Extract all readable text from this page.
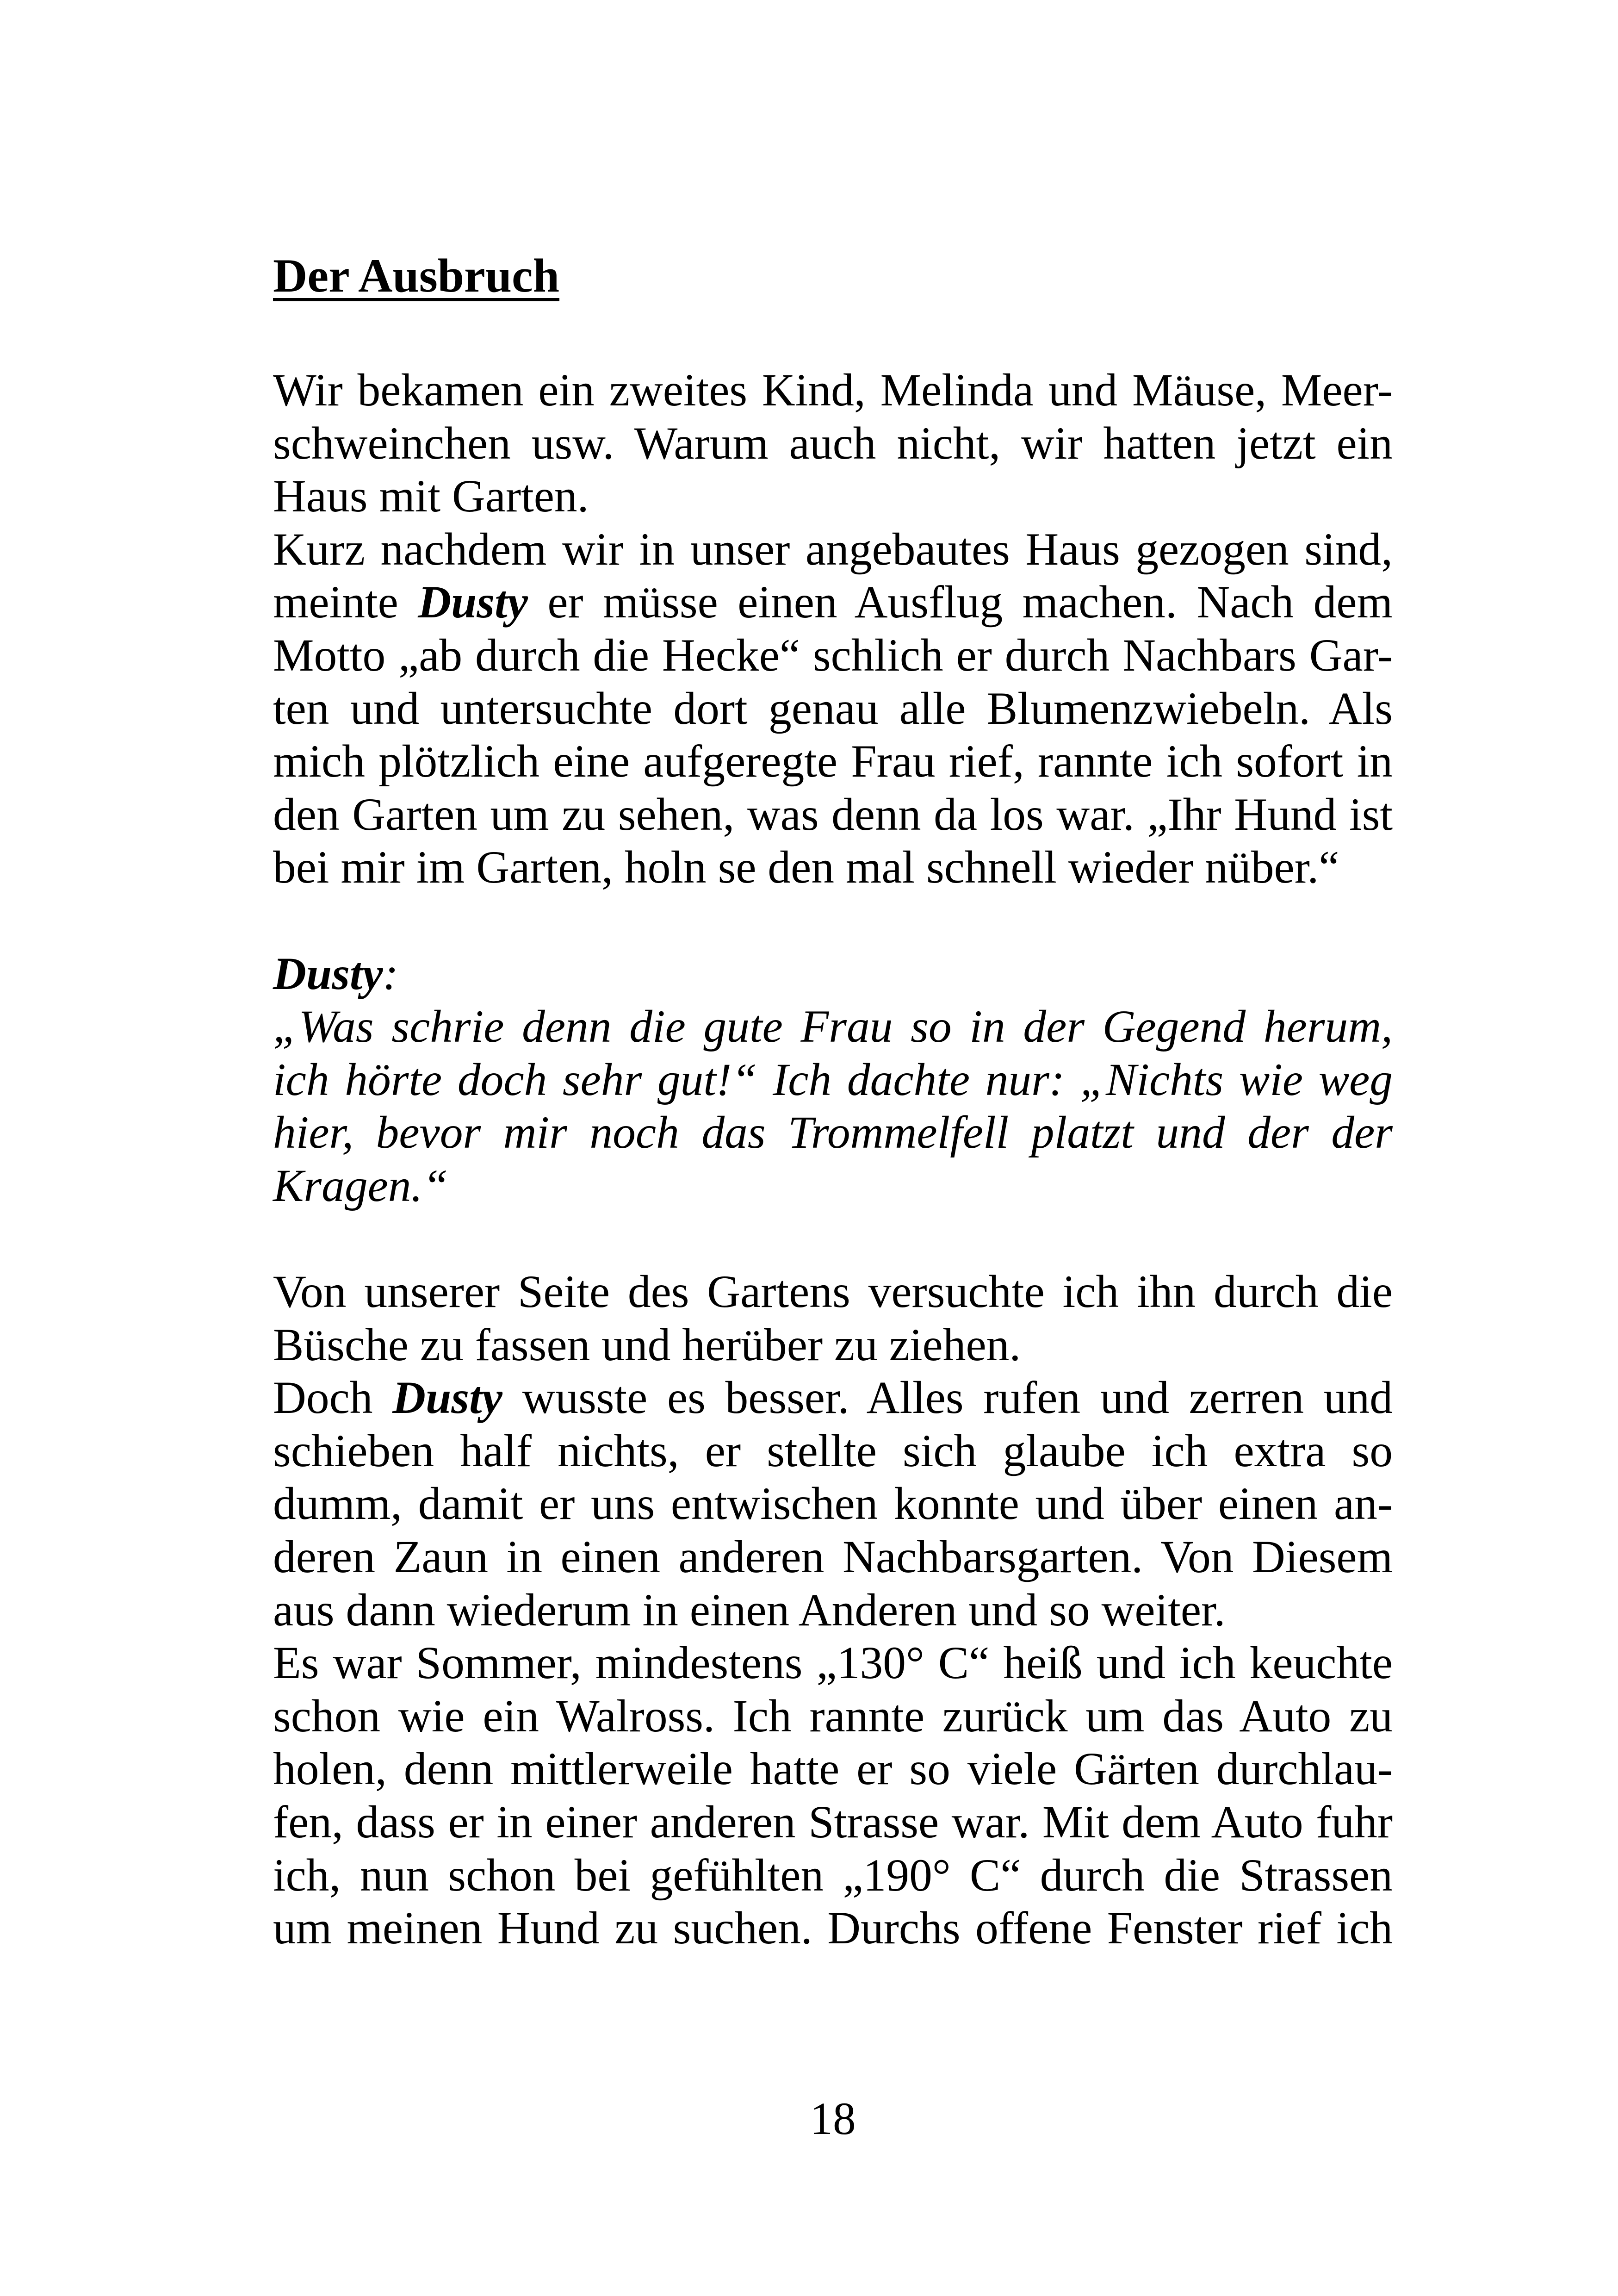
Der Ausbruch
Wir bekamen ein zweites Kind, Melinda und Mäuse, Meer-
schweinchen usw. Warum auch nicht, wir hatten jetzt ein
Haus mit Garten.
Kurz nachdem wir in unser angebautes Haus gezogen sind,
meinte Dusty er müsse einen Ausflug machen. Nach dem
Motto „ab durch die Hecke“ schlich er durch Nachbars Gar-
ten und untersuchte dort genau alle Blumenzwiebeln. Als
mich plötzlich eine aufgeregte Frau rief, rannte ich sofort in
den Garten um zu sehen, was denn da los war. „Ihr Hund ist
bei mir im Garten, holn se den mal schnell wieder nüber.“
Dusty:
„Was schrie denn die gute Frau so in der Gegend herum,
ich hörte doch sehr gut!“ Ich dachte nur: „Nichts wie weg
hier, bevor mir noch das Trommelfell platzt und der der
Kragen.“
Von unserer Seite des Gartens versuchte ich ihn durch die
Büsche zu fassen und herüber zu ziehen.
Doch Dusty wusste es besser. Alles rufen und zerren und
schieben half nichts, er stellte sich glaube ich extra so
dumm, damit er uns entwischen konnte und über einen an-
deren Zaun in einen anderen Nachbarsgarten. Von Diesem
aus dann wiederum in einen Anderen und so weiter.
Es war Sommer, mindestens „130° C“ heiß und ich keuchte
schon wie ein Walross. Ich rannte zurück um das Auto zu
holen, denn mittlerweile hatte er so viele Gärten durchlau-
fen, dass er in einer anderen Strasse war. Mit dem Auto fuhr
ich, nun schon bei gefühlten „190° C“ durch die Strassen
um meinen Hund zu suchen. Durchs offene Fenster rief ich
18
